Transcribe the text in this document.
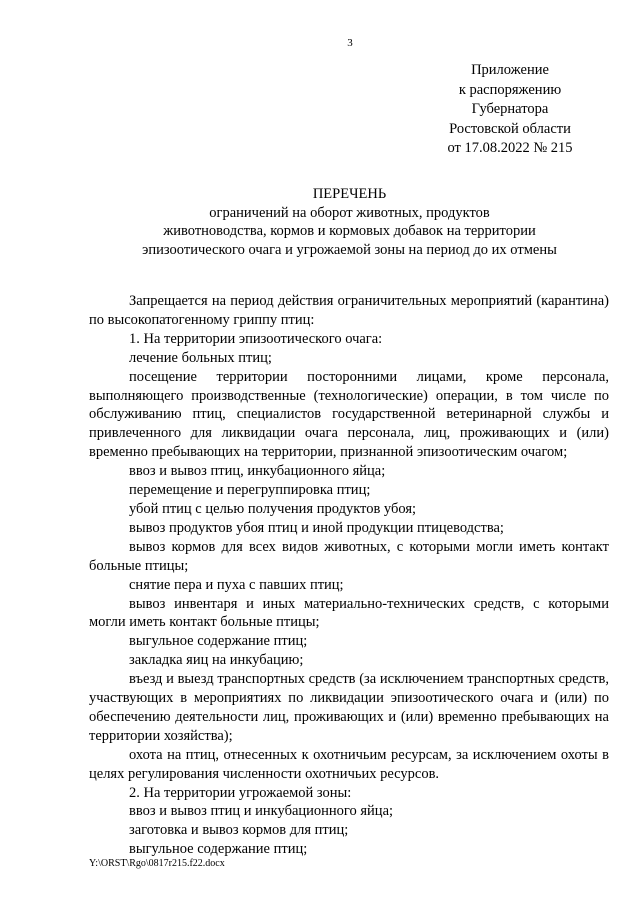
3
Приложение
к распоряжению
Губернатора
Ростовской области
от 17.08.2022 № 215
ПЕРЕЧЕНЬ
ограничений на оборот животных, продуктов
животноводства, кормов и кормовых добавок на территории
эпизоотического очага и угрожаемой зоны на период до их отмены

Запрещается на период действия ограничительных мероприятий (карантина) по высокопатогенному гриппу птиц:

1. На территории эпизоотического очага:

лечение больных птиц;

посещение территории посторонними лицами, кроме персонала, выполняющего производственные (технологические) операции, в том числе по обслуживанию птиц, специалистов государственной ветеринарной службы и привлеченного для ликвидации очага персонала, лиц, проживающих и (или) временно пребывающих на территории, признанной эпизоотическим очагом;

ввоз и вывоз птиц, инкубационного яйца;

перемещение и перегруппировка птиц;

убой птиц с целью получения продуктов убоя;

вывоз продуктов убоя птиц и иной продукции птицеводства;

вывоз кормов для всех видов животных, с которыми могли иметь контакт больные птицы;

снятие пера и пуха с павших птиц;

вывоз инвентаря и иных материально-технических средств, с которыми могли иметь контакт больные птицы;

выгульное содержание птиц;

закладка яиц на инкубацию;

въезд и выезд транспортных средств (за исключением транспортных средств, участвующих в мероприятиях по ликвидации эпизоотического очага и (или) по обеспечению деятельности лиц, проживающих и (или) временно пребывающих на территории хозяйства);

охота на птиц, отнесенных к охотничьим ресурсам, за исключением охоты в целях регулирования численности охотничьих ресурсов.

2. На территории угрожаемой зоны:

ввоз и вывоз птиц и инкубационного яйца;

заготовка и вывоз кормов для птиц;

выгульное содержание птиц;

Y:\ORST\Rgo\0817r215.f22.docx
